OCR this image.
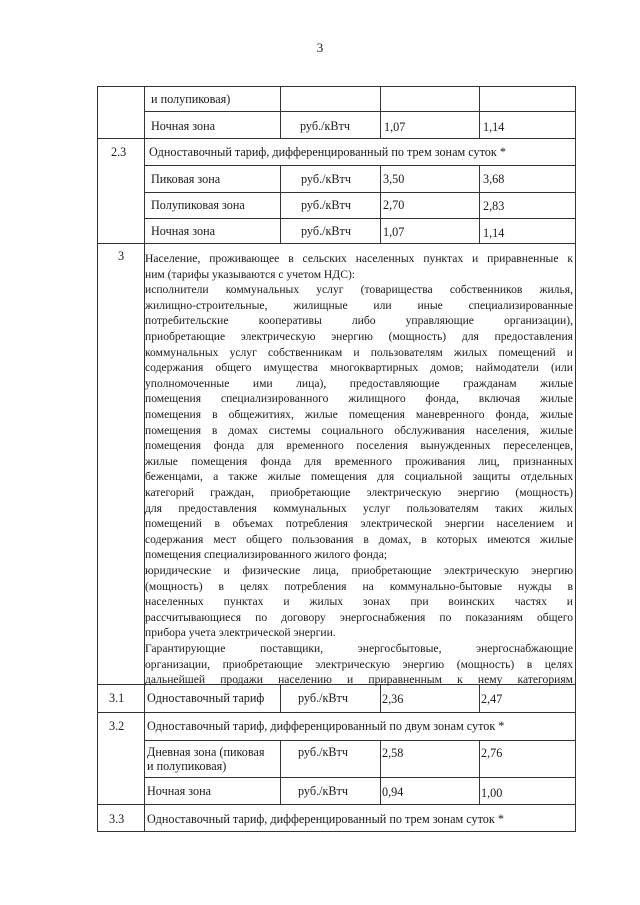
3
и полупиковая)
Ночная зона	руб./кВтч	1,07	1,14
2.3 Одноставочный тариф, дифференцированный по трем зонам суток *
Пиковая зона	руб./кВтч	3,50	3,68
Полупиковая зона	руб./кВтч	2,70	2,83
Ночная зона	руб./кВтч	1,07	1,14
3 Население, проживающее в сельских населенных пунктах и приравненные к
ним (тарифы указываются с учетом НДС):
исполнители коммунальных услуг (товарищества собственников жилья,
жилищно-строительные, жилищные или иные специализированные
потребительские кооперативы либо управляющие организации),
приобретающие электрическую энергию (мощность) для предоставления
коммунальных услуг собственникам и пользователям жилых помещений и
содержания общего имущества многоквартирных домов; наймодатели (или
уполномоченные ими лица), предоставляющие гражданам жилые
помещения специализированного жилищного фонда, включая жилые
помещения в общежитиях, жилые помещения маневренного фонда, жилые
помещения в домах системы социального обслуживания населения, жилые
помещения фонда для временного поселения вынужденных переселенцев,
жилые помещения фонда для временного проживания лиц, признанных
беженцами, а также жилые помещения для социальной защиты отдельных
категорий граждан, приобретающие электрическую энергию (мощность)
для предоставления коммунальных услуг пользователям таких жилых
помещений в объемах потребления электрической энергии населением и
содержания мест общего пользования в домах, в которых имеются жилые
помещения специализированного жилого фонда;
юридические и физические лица, приобретающие электрическую энергию
(мощность) в целях потребления на коммунально-бытовые нужды в
населенных пунктах и жилых зонах при воинских частях и
рассчитывающиеся по договору энергоснабжения по показаниям общего
прибора учета электрической энергии.
Гарантирующие поставщики, энергосбытовые, энергоснабжающие
организации, приобретающие электрическую энергию (мощность) в целях
дальнейшей продажи населению и приравненным к нему категориям
3.1 Одноставочный тариф	руб./кВтч	2,36	2,47
3.2 Одноставочный тариф, дифференцированный по двум зонам суток *
Дневная зона (пиковая
и полупиковая)
руб./кВтч	2,58	2,76
Ночная зона	руб./кВтч	0,94	1,00
3.3 Одноставочный тариф, дифференцированный по трем зонам суток *
